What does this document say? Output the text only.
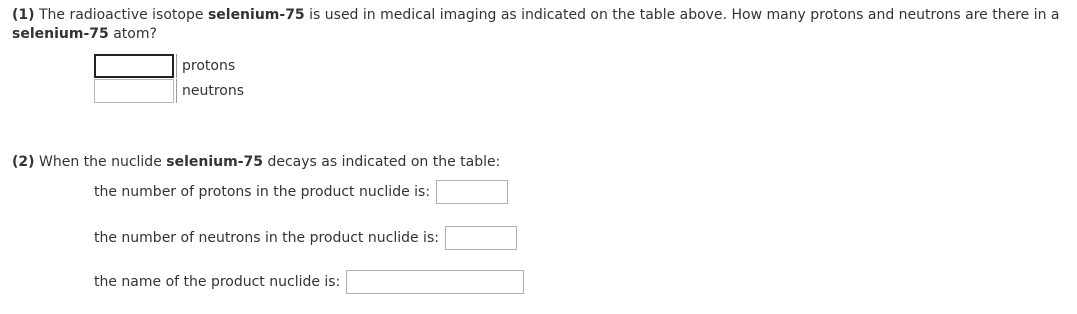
(1) The radioactive isotope selenium-75 is used in medical imaging as indicated on the table above. How many protons and neutrons are there in a selenium-75 atom?
protons
neutrons
(2) When the nuclide selenium-75 decays as indicated on the table:
the number of protons in the product nuclide is:
the number of neutrons in the product nuclide is:
the name of the product nuclide is:
